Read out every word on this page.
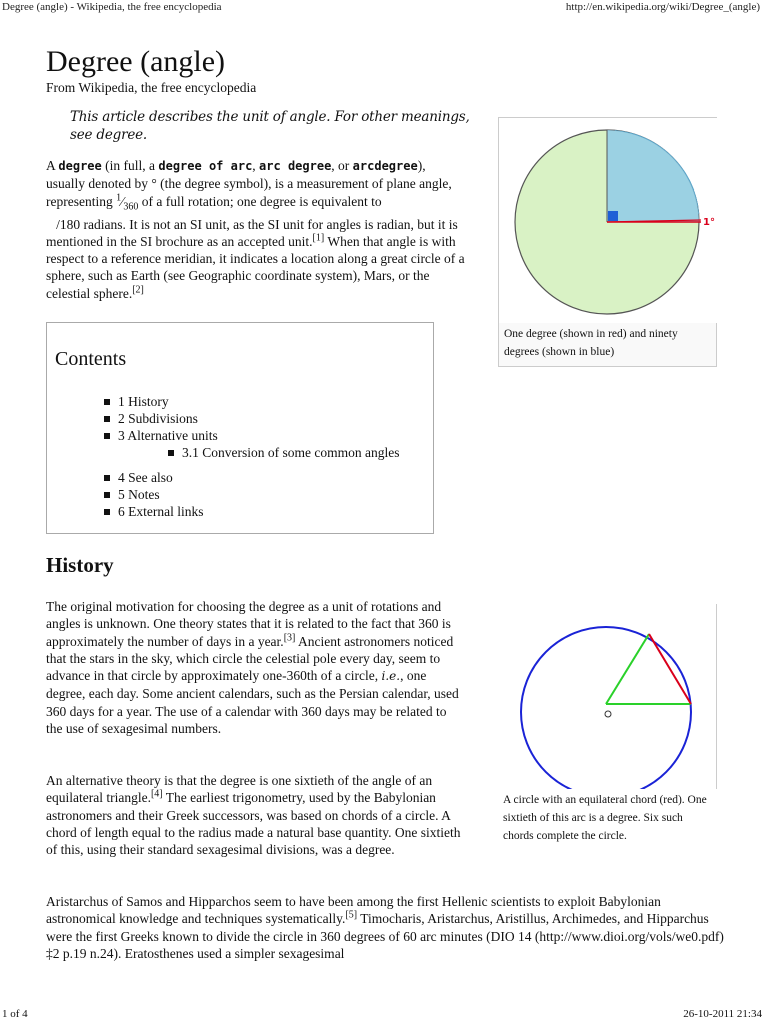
Degree (angle) - Wikipedia, the free encyclopedia	http://en.wikipedia.org/wiki/Degree_(angle)
Degree (angle)
From Wikipedia, the free encyclopedia
This article describes the unit of angle. For other meanings, see degree.
A degree (in full, a degree of arc, arc degree, or arcdegree), usually denoted by ° (the degree symbol), is a measurement of plane angle, representing $^1⁄_{360}$ of a full rotation; one degree is equivalent to
/180 radians. It is not an SI unit, as the SI unit for angles is radian, but it is mentioned in the SI brochure as an accepted unit.[1] When that angle is with respect to a reference meridian, it indicates a location along a great circle of a sphere, such as Earth (see Geographic coordinate system), Mars, or the celestial sphere.[2]
1°
One degree (shown in red) and ninety degrees (shown in blue)
Contents
1 History
2 Subdivisions
3 Alternative units
3.1 Conversion of some common angles
4 See also
5 Notes
6 External links
History
The original motivation for choosing the degree as a unit of rotations and angles is unknown. One theory states that it is related to the fact that 360 is approximately the number of days in a year.[3] Ancient astronomers noticed that the stars in the sky, which circle the celestial pole every day, seem to advance in that circle by approximately one-360th of a circle, i.e., one degree, each day. Some ancient calendars, such as the Persian calendar, used 360 days for a year. The use of a calendar with 360 days may be related to the use of sexagesimal numbers.
An alternative theory is that the degree is one sixtieth of the angle of an equilateral triangle.[4] The earliest trigonometry, used by the Babylonian astronomers and their Greek successors, was based on chords of a circle. A chord of length equal to the radius made a natural base quantity. One sixtieth of this, using their standard sexagesimal divisions, was a degree.
A circle with an equilateral chord (red). One sixtieth of this arc is a degree. Six such chords complete the circle.
Aristarchus of Samos and Hipparchos seem to have been among the first Hellenic scientists to exploit Babylonian astronomical knowledge and techniques systematically.[5] Timocharis, Aristarchus, Aristillus, Archimedes, and Hipparchus were the first Greeks known to divide the circle in 360 degrees of 60 arc minutes (DIO 14 (http://www.dioi.org/vols/we0.pdf) ‡2 p.19 n.24). Eratosthenes used a simpler sexagesimal
1 of 4	26-10-2011 21:34
